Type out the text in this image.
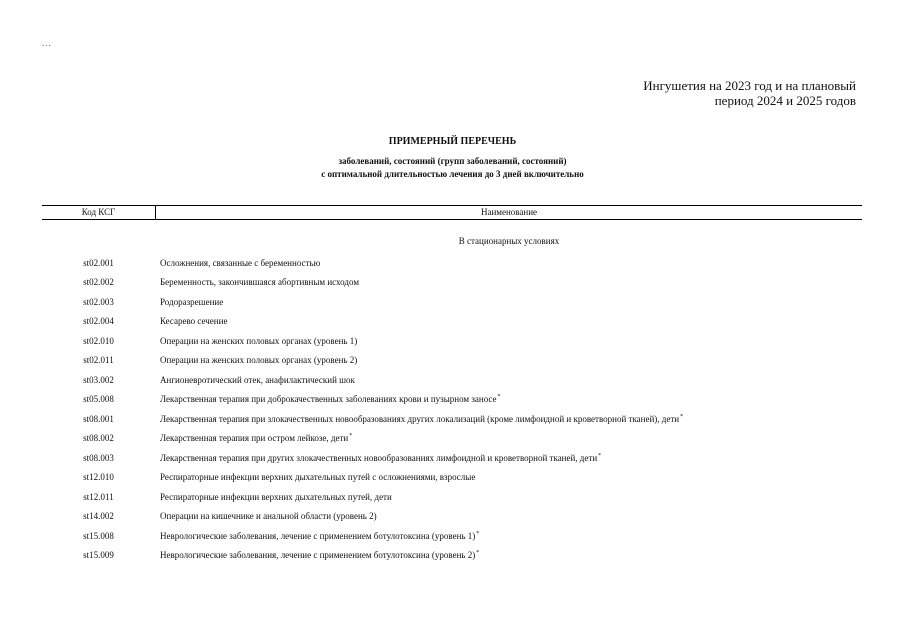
...
Ингушетия на 2023 год и на плановый
период 2024 и 2025 годов
ПРИМЕРНЫЙ ПЕРЕЧЕНЬ
заболеваний, состояний (групп заболеваний, состояний)
с оптимальной длительностью лечения до 3 дней включительно
Код КСГ	Наименование
В стационарных условиях
st02.001	Осложнения, связанные с беременностью
st02.002	Беременность, закончившаяся абортивным исходом
st02.003	Родоразрешение
st02.004	Кесарево сечение
st02.010	Операции на женских половых органах (уровень 1)
st02.011	Операции на женских половых органах (уровень 2)
st03.002	Ангионевротический отек, анафилактический шок
st05.008	Лекарственная терапия при доброкачественных заболеваниях крови и пузырном заносе*
st08.001	Лекарственная терапия при злокачественных новообразованиях других локализаций (кроме лимфоидной и кроветворной тканей), дети*
st08.002	Лекарственная терапия при остром лейкозе, дети*
st08.003	Лекарственная терапия при других злокачественных новообразованиях лимфоидной и кроветворной тканей, дети*
st12.010	Респираторные инфекции верхних дыхательных путей с осложнениями, взрослые
st12.011	Респираторные инфекции верхних дыхательных путей, дети
st14.002	Операции на кишечнике и анальной области (уровень 2)
st15.008	Неврологические заболевания, лечение с применением ботулотоксина (уровень 1)*
st15.009	Неврологические заболевания, лечение с применением ботулотоксина (уровень 2)*
